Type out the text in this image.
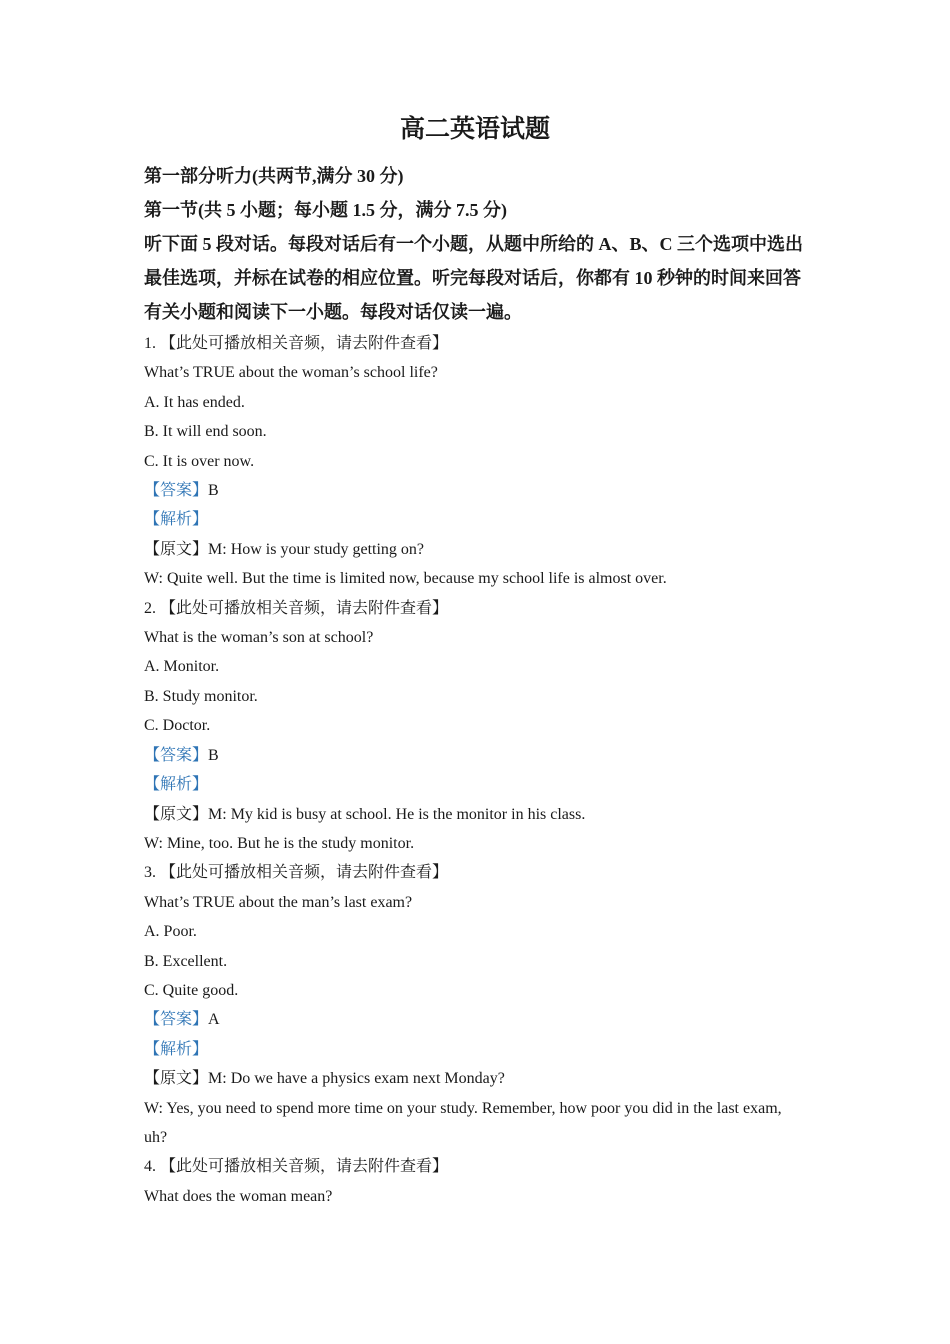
高二英语试题

第一部分听力(共两节,满分 30 分)

第一节(共 5 小题；每小题 1.5 分，满分 7.5 分)

听下面 5 段对话。每段对话后有一个小题，从题中所给的 A、B、C 三个选项中选出最佳选项，并标在试卷的相应位置。听完每段对话后，你都有 10 秒钟的时间来回答有关小题和阅读下一小题。每段对话仅读一遍。

1. 【此处可播放相关音频，请去附件查看】

What’s TRUE about the woman’s school life?

A. It has ended.

B. It will end soon.

C. It is over now.

【答案】B

【解析】

【原文】M: How is your study getting on?

W: Quite well. But the time is limited now, because my school life is almost over.

2. 【此处可播放相关音频，请去附件查看】

What is the woman’s son at school?

A. Monitor.

B. Study monitor.

C. Doctor.

【答案】B

【解析】

【原文】M: My kid is busy at school. He is the monitor in his class.

W: Mine, too. But he is the study monitor.

3. 【此处可播放相关音频，请去附件查看】

What’s TRUE about the man’s last exam?

A. Poor.

B. Excellent.

C. Quite good.

【答案】A

【解析】

【原文】M: Do we have a physics exam next Monday?

W: Yes, you need to spend more time on your study. Remember, how poor you did in the last exam, uh?

4. 【此处可播放相关音频，请去附件查看】

What does the woman mean?
